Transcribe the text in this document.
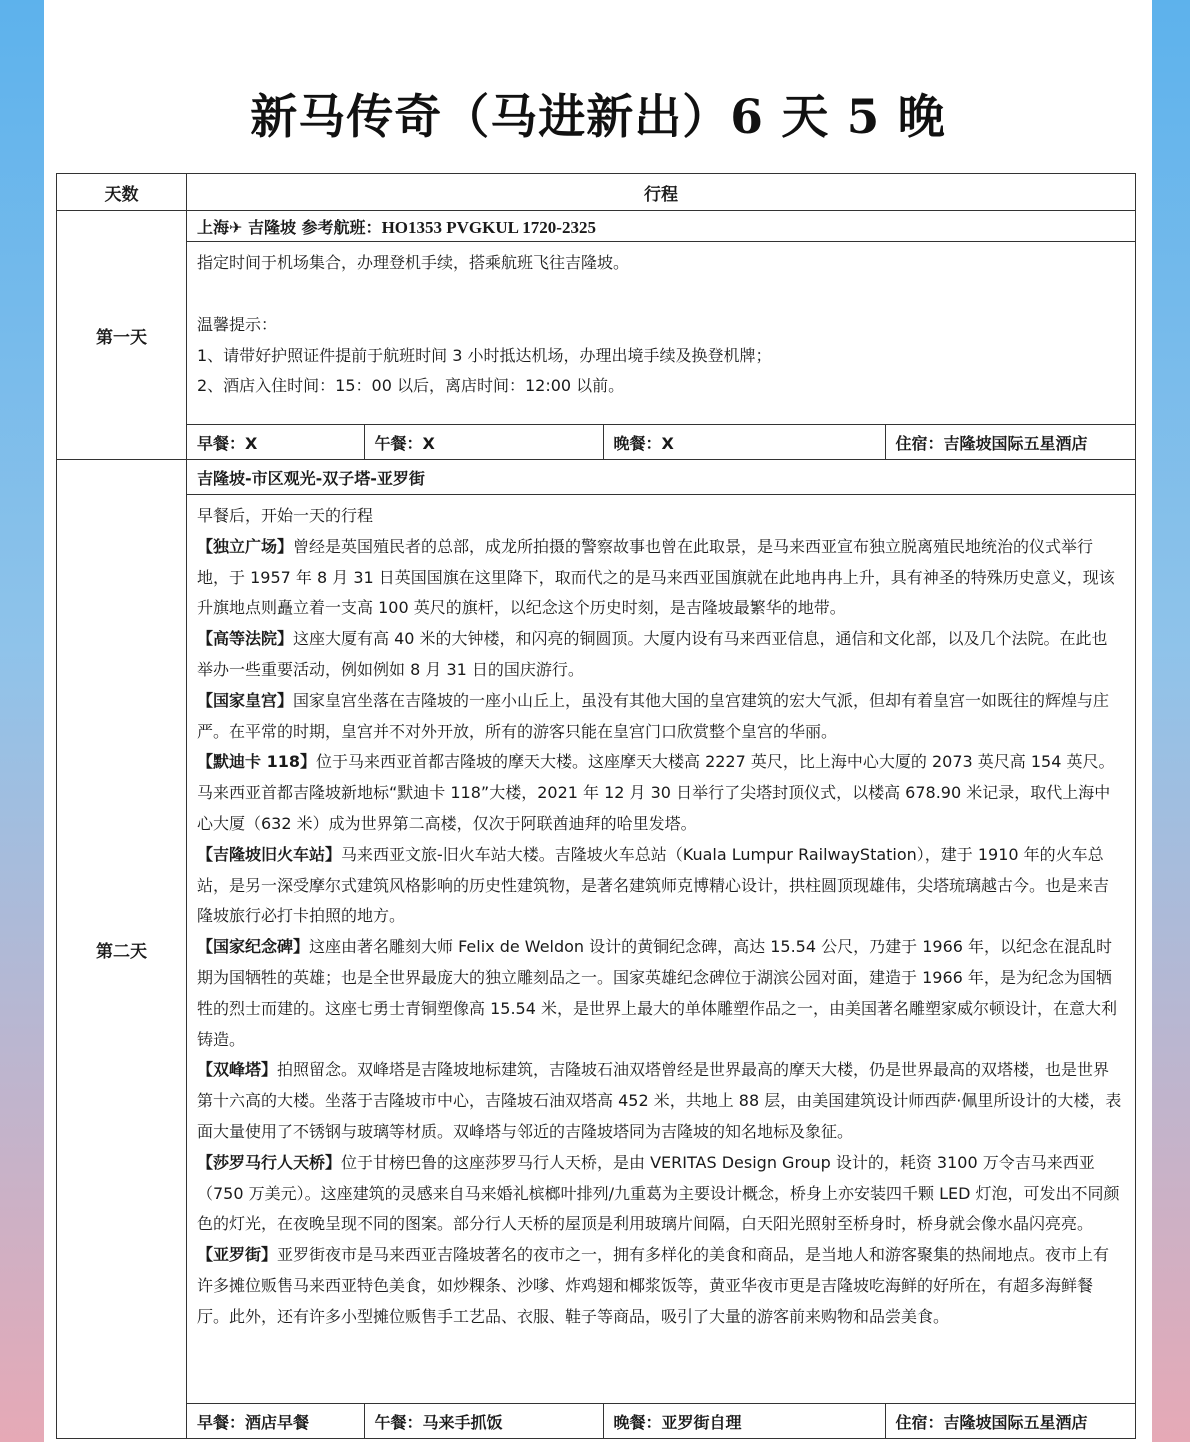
新马传奇（马进新出）6 天 5 晚
天数	行程
第一天	上海✈ 吉隆坡 参考航班：HO1353 PVGKUL 1720-2325

指定时间于机场集合，办理登机手续，搭乘航班飞往吉隆坡。

温馨提示：

1、请带好护照证件提前于航班时间 3 小时抵达机场，办理出境手续及换登机牌；

2、酒店入住时间：15：00 以后，离店时间：12:00 以前。

早餐：X	午餐：X	晚餐：X	住宿：吉隆坡国际五星酒店

第二天	吉隆坡-市区观光-双子塔-亚罗街

早餐后，开始一天的行程

【独立广场】曾经是英国殖民者的总部，成龙所拍摄的警察故事也曾在此取景，是马来西亚宣布独立脱离殖民地统治的仪式举行地，于 1957 年 8 月 31 日英国国旗在这里降下，取而代之的是马来西亚国旗就在此地冉冉上升，具有神圣的特殊历史意义，现该升旗地点则矗立着一支高 100 英尺的旗杆，以纪念这个历史时刻，是吉隆坡最繁华的地带。

【高等法院】这座大厦有高 40 米的大钟楼，和闪亮的铜圆顶。大厦内设有马来西亚信息，通信和文化部，以及几个法院。在此也举办一些重要活动，例如例如 8 月 31 日的国庆游行。

【国家皇宫】国家皇宫坐落在吉隆坡的一座小山丘上，虽没有其他大国的皇宫建筑的宏大气派，但却有着皇宫一如既往的辉煌与庄严。在平常的时期，皇宫并不对外开放，所有的游客只能在皇宫门口欣赏整个皇宫的华丽。

【默迪卡 118】位于马来西亚首都吉隆坡的摩天大楼。这座摩天大楼高 2227 英尺，比上海中心大厦的 2073 英尺高 154 英尺。马来西亚首都吉隆坡新地标“默迪卡 118”大楼，2021 年 12 月 30 日举行了尖塔封顶仪式，以楼高 678.90 米记录，取代上海中心大厦（632 米）成为世界第二高楼，仅次于阿联酋迪拜的哈里发塔。

【吉隆坡旧火车站】马来西亚文旅-旧火车站大楼。吉隆坡火车总站（Kuala Lumpur RailwayStation），建于 1910 年的火车总站，是另一深受摩尔式建筑风格影响的历史性建筑物，是著名建筑师克博精心设计，拱柱圆顶现雄伟，尖塔琉璃越古今。也是来吉隆坡旅行必打卡拍照的地方。

【国家纪念碑】这座由著名雕刻大师 Felix de Weldon 设计的黄铜纪念碑，高达 15.54 公尺，乃建于 1966 年，以纪念在混乱时期为国牺牲的英雄；也是全世界最庞大的独立雕刻品之一。国家英雄纪念碑位于湖滨公园对面，建造于 1966 年，是为纪念为国牺牲的烈士而建的。这座七勇士青铜塑像高 15.54 米，是世界上最大的单体雕塑作品之一，由美国著名雕塑家威尔顿设计，在意大利铸造。

【双峰塔】拍照留念。双峰塔是吉隆坡地标建筑，吉隆坡石油双塔曾经是世界最高的摩天大楼，仍是世界最高的双塔楼，也是世界第十六高的大楼。坐落于吉隆坡市中心，吉隆坡石油双塔高 452 米，共地上 88 层，由美国建筑设计师西萨·佩里所设计的大楼，表面大量使用了不锈钢与玻璃等材质。双峰塔与邻近的吉隆坡塔同为吉隆坡的知名地标及象征。

【莎罗马行人天桥】位于甘榜巴鲁的这座莎罗马行人天桥，是由 VERITAS Design Group 设计的，耗资 3100 万令吉马来西亚（750 万美元）。这座建筑的灵感来自马来婚礼槟榔叶排列/九重葛为主要设计概念，桥身上亦安装四千颗 LED 灯泡，可发出不同颜色的灯光，在夜晚呈现不同的图案。部分行人天桥的屋顶是利用玻璃片间隔，白天阳光照射至桥身时，桥身就会像水晶闪亮亮。

【亚罗街】亚罗街夜市是马来西亚吉隆坡著名的夜市之一，拥有多样化的美食和商品，是当地人和游客聚集的热闹地点。夜市上有许多摊位贩售马来西亚特色美食，如炒粿条、沙嗲、炸鸡翅和椰浆饭等，黄亚华夜市更是吉隆坡吃海鲜的好所在，有超多海鲜餐厅。此外，还有许多小型摊位贩售手工艺品、衣服、鞋子等商品，吸引了大量的游客前来购物和品尝美食。

早餐：酒店早餐	午餐：马来手抓饭	晚餐：亚罗街自理	住宿：吉隆坡国际五星酒店
